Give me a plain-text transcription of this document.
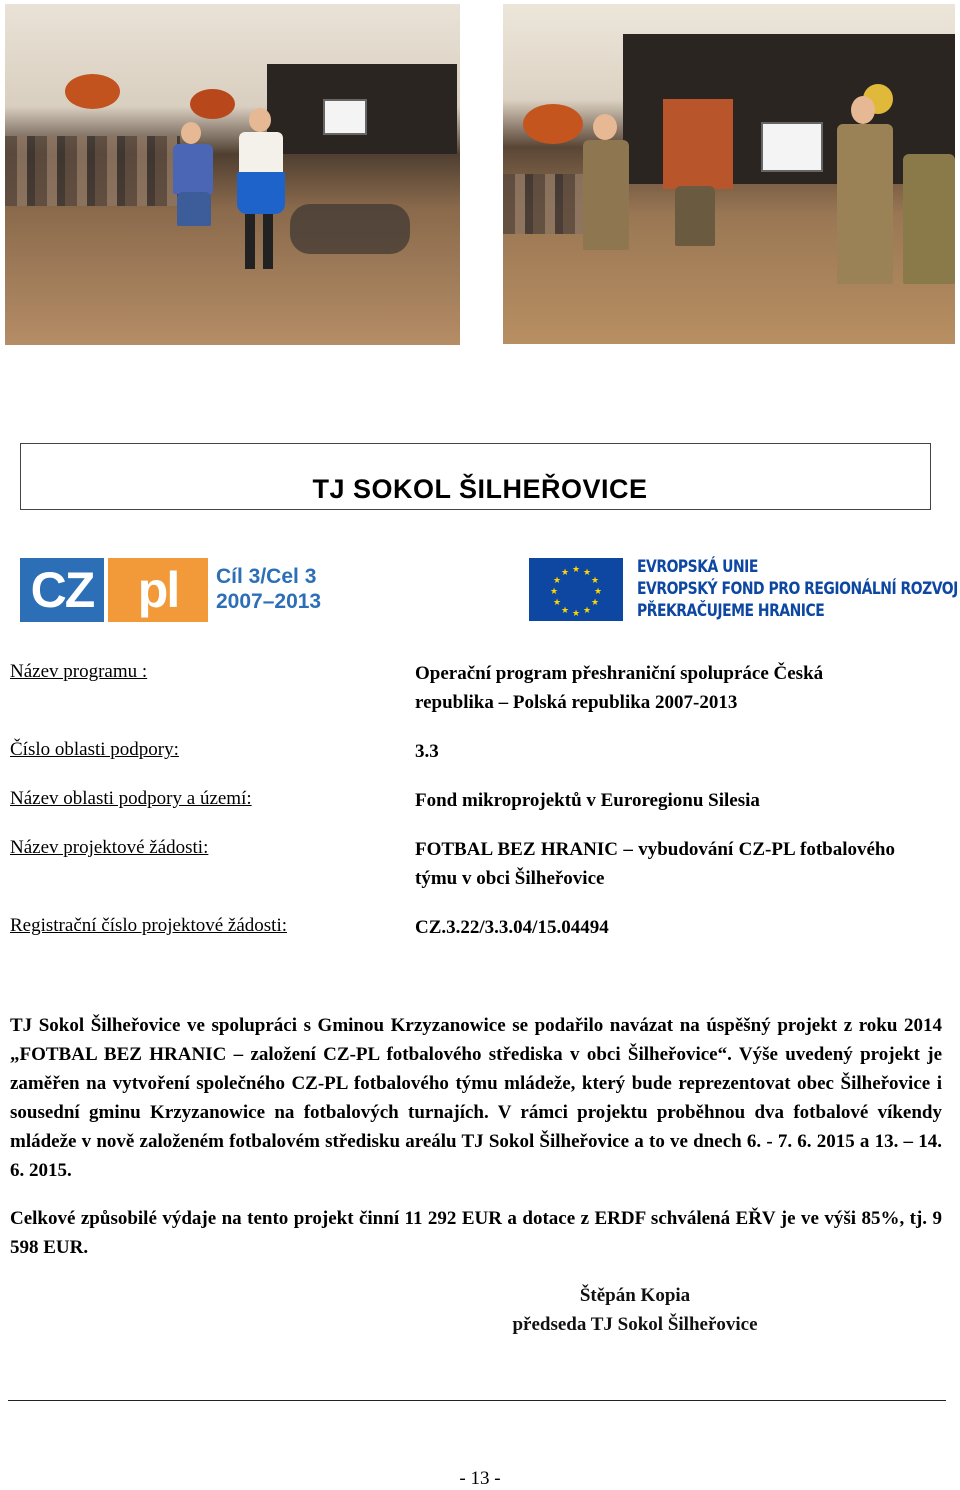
TJ SOKOL ŠILHEŘOVICE
CZ pl	Cíl 3/Cel 3
2007–2013
★ ★
★
★
★
★
★
★
★
★
★
★	EVROPSKÁ UNIE
EVROPSKÝ FOND PRO REGIONÁLNÍ ROZVOJ
PŘEKRAČUJEME HRANICE
Název programu :	Operační program přeshraniční spolupráce Česká republika – Polská republika 2007-2013
Číslo oblasti podpory:	3.3
Název oblasti podpory a území:	Fond mikroprojektů v Euroregionu Silesia
Název projektové žádosti:	FOTBAL BEZ HRANIC – vybudování CZ-PL fotbalového týmu v obci Šilheřovice
Registrační číslo projektové žádosti:	CZ.3.22/3.3.04/15.04494
TJ Sokol Šilheřovice ve spolupráci s Gminou Krzyzanowice se podařilo navázat na úspěšný projekt z roku 2014 „FOTBAL BEZ HRANIC – založení CZ-PL fotbalového střediska v obci Šilheřovice“. Výše uvedený projekt je zaměřen na vytvoření společného CZ-PL fotbalového týmu mládeže, který bude reprezentovat obec Šilheřovice i sousední gminu Krzyzanowice na fotbalových turnajích. V rámci projektu proběhnou dva fotbalové víkendy mládeže v nově založeném fotbalovém středisku areálu TJ Sokol Šilheřovice a to ve dnech 6. - 7. 6. 2015 a 13. – 14. 6. 2015.
Celkové způsobilé výdaje na tento projekt činní 11 292 EUR a dotace z ERDF schválená EŘV je ve výši 85%, tj. 9 598 EUR.
Štěpán Kopia
předseda TJ Sokol Šilheřovice
- 13 -
